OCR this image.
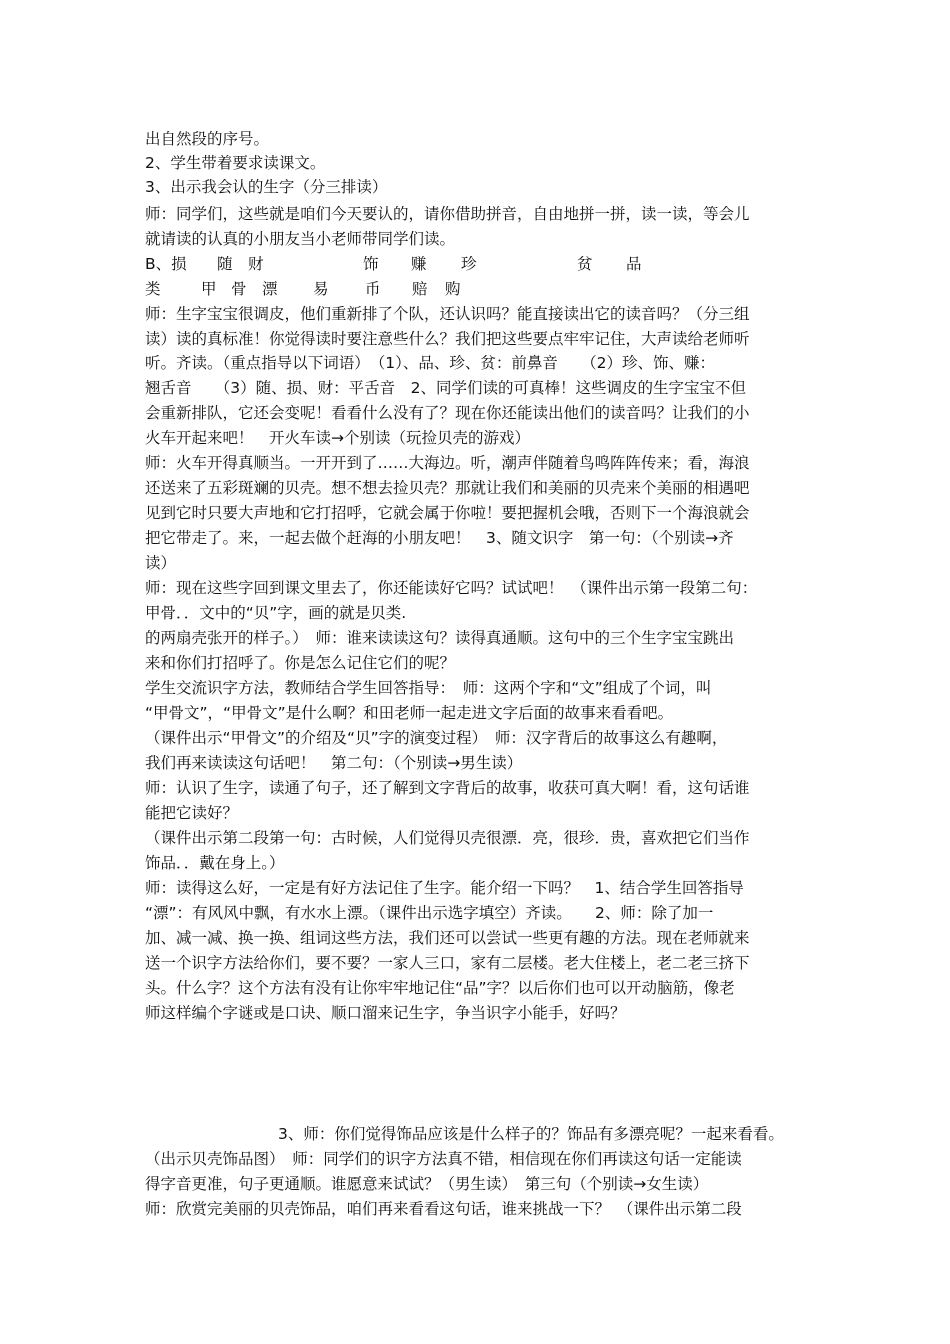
出自然段的序号。
2、学生带着要求读课文。
3、出示我会认的生字（分三排读）
师：同学们，这些就是咱们今天要认的，请你借助拼音，自由地拼一拼，读一读，等会儿
就请读的认真的小朋友当小老师带同学们读。
B、损 随 财	饰 赚 珍	贫 品
类	甲 骨 漂 易 币 赔 购
师：生字宝宝很调皮，他们重新排了个队，还认识吗？能直接读出它的读音吗？（分三组
读）读的真标准！你觉得读时要注意些什么？我们把这些要点牢牢记住，大声读给老师听
听。齐读。（重点指导以下词语）　（1）、品、珍、贫：前鼻音　　（2）珍、饰、赚：
翘舌音　　（3）随、损、财：平舌音　2、同学们读的可真棒！这些调皮的生字宝宝不但
会重新排队，它还会变呢！看看什么没有了？现在你还能读出他们的读音吗？让我们的小
火车开起来吧！　开火车读→个别读（玩捡贝壳的游戏）
师：火车开得真顺当。一开开到了……大海边。听，潮声伴随着鸟鸣阵阵传来；看，海浪
还送来了五彩斑斓的贝壳。想不想去捡贝壳？那就让我们和美丽的贝壳来个美丽的相遇吧
见到它时只要大声地和它打招呼，它就会属于你啦！要把握机会哦，否则下一个海浪就会
把它带走了。来，一起去做个赶海的小朋友吧！　3、随文识字　第一句：（个别读→齐
读）
师：现在这些字回到课文里去了，你还能读好它吗？试试吧！　（课件出示第一段第二句：
甲骨．．文中的“贝”字，画的就是贝类.
的两扇壳张开的样子。）　师：谁来读读这句？读得真通顺。这句中的三个生字宝宝跳出
来和你们打招呼了。你是怎么记住它们的呢？
学生交流识字方法，教师结合学生回答指导：　师：这两个字和“文”组成了个词，叫
“甲骨文”，“甲骨文”是什么啊？和田老师一起走进文字后面的故事来看看吧。
（课件出示“甲骨文”的介绍及“贝”字的演变过程）　师：汉字背后的故事这么有趣啊，
我们再来读读这句话吧！　第二句：（个别读→男生读）
师：认识了生字，读通了句子，还了解到文字背后的故事，收获可真大啊！看，这句话谁
能把它读好？
（课件出示第二段第一句：古时候，人们觉得贝壳很漂．亮，很珍．贵，喜欢把它们当作
饰品．．戴在身上。）
师：读得这么好，一定是有好方法记住了生字。能介绍一下吗？　1、结合学生回答指导
“漂”：有风风中飘，有水水上漂。（课件出示选字填空）齐读。　　2、师：除了加一
加、减一减、换一换、组词这些方法，我们还可以尝试一些更有趣的方法。现在老师就来
送一个识字方法给你们，要不要？一家人三口，家有二层楼。老大住楼上，老二老三挤下
头。什么字？这个方法有没有让你牢牢地记住“品”字？以后你们也可以开动脑筋，像老
师这样编个字谜或是口诀、顺口溜来记生字，争当识字小能手，好吗？
3、师：你们觉得饰品应该是什么样子的？饰品有多漂亮呢？一起来看看。
（出示贝壳饰品图）　师：同学们的识字方法真不错，相信现在你们再读这句话一定能读
得字音更准，句子更通顺。谁愿意来试试？（男生读）　第三句（个别读→女生读）
师：欣赏完美丽的贝壳饰品，咱们再来看看这句话，谁来挑战一下？　（课件出示第二段
